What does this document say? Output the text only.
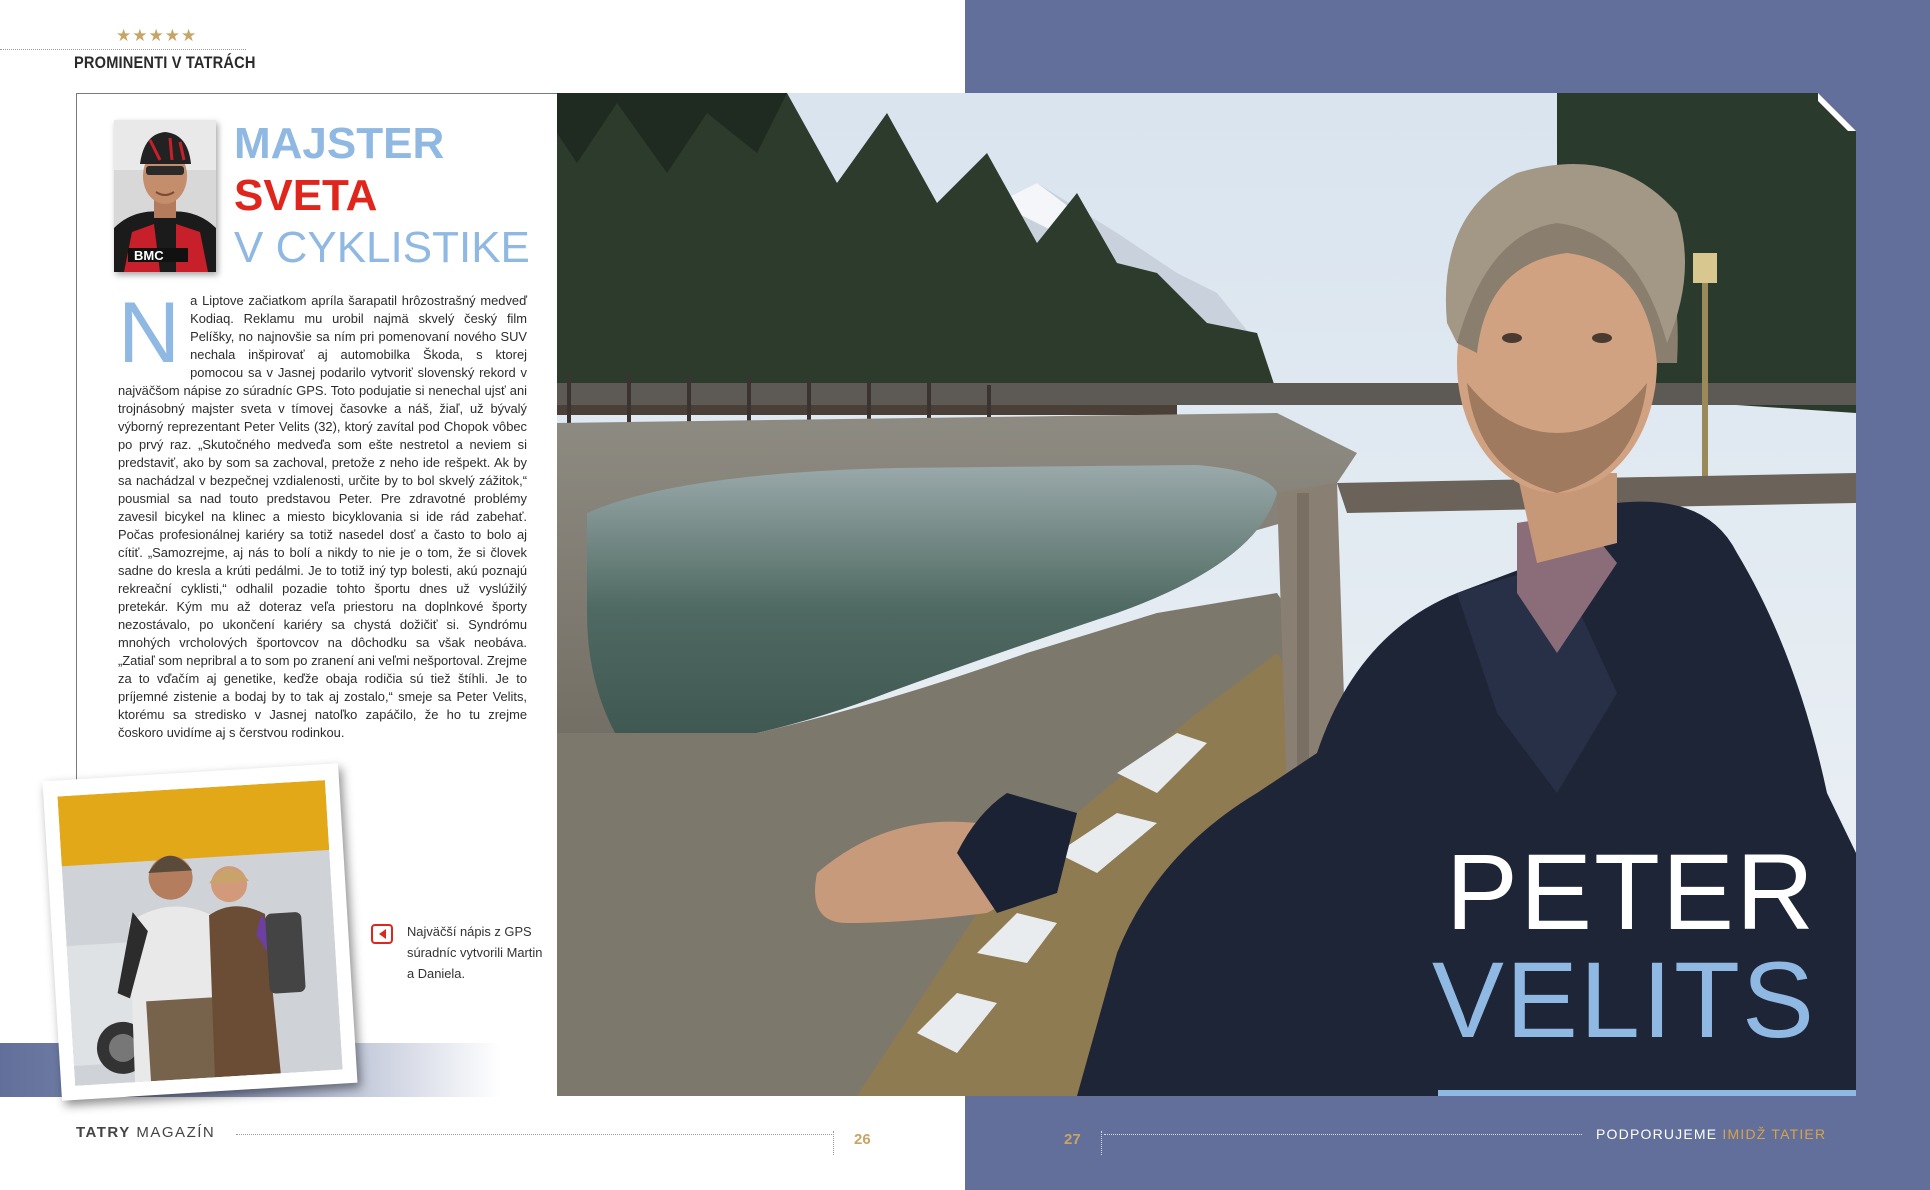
★★★★★
PROMINENTI V TATRÁCH
BMC
MAJSTER
SVETA
V CYKLISTIKE
N a Liptove začiatkom apríla šarapatil hrôzostrašný medveď Kodiaq. Reklamu mu urobil najmä skvelý český film Pelíšky, no najnovšie sa ním pri pomenovaní nového SUV nechala inšpirovať aj automobilka Škoda, s ktorej pomocou sa v Jasnej podarilo vytvoriť slovenský rekord v najväčšom nápise zo súradníc GPS. Toto podujatie si nenechal ujsť ani trojnásobný majster sveta v tímovej časovke a náš, žiaľ, už bývalý výborný reprezentant Peter Velits (32), ktorý zavítal pod Chopok vôbec po prvý raz. „Skutočného medveďa som ešte nestretol a neviem si predstaviť, ako by som sa zachoval, pretože z neho ide rešpekt. Ak by sa nachádzal v bezpečnej vzdialenosti, určite by to bol skvelý zážitok,“ pousmial sa nad touto predstavou Peter. Pre zdravotné problémy zavesil bicykel na klinec a miesto bicyklovania si ide rád zabehať. Počas profesionálnej kariéry sa totiž nasedel dosť a často to bolo aj cítiť. „Samozrejme, aj nás to bolí a nikdy to nie je o tom, že si človek sadne do kresla a krúti pedálmi. Je to totiž iný typ bolesti, akú poznajú rekreační cyklisti,“ odhalil pozadie tohto športu dnes už vyslúžilý pretekár. Kým mu až doteraz veľa priestoru na doplnkové športy nezostávalo, po ukončení kariéry sa chystá dožičiť si. Syndrómu mnohých vrcholových športovcov na dôchodku sa však neobáva. „Zatiaľ som nepribral a to som po zranení ani veľmi nešportoval. Zrejme za to vďačím aj genetike, keďže obaja rodičia sú tiež štíhli. Je to príjemné zistenie a bodaj by to tak aj zostalo,“ smeje sa Peter Velits, ktorému sa stredisko v Jasnej natoľko zapáčilo, že ho tu zrejme čoskoro uvidíme aj s čerstvou rodinkou.
Najväčší nápis z GPS súradníc vytvorili Martin a Daniela.
PETER
VELITS
TATRY MAGAZÍN	26	27	PODPORUJEME IMIDŽ TATIER
